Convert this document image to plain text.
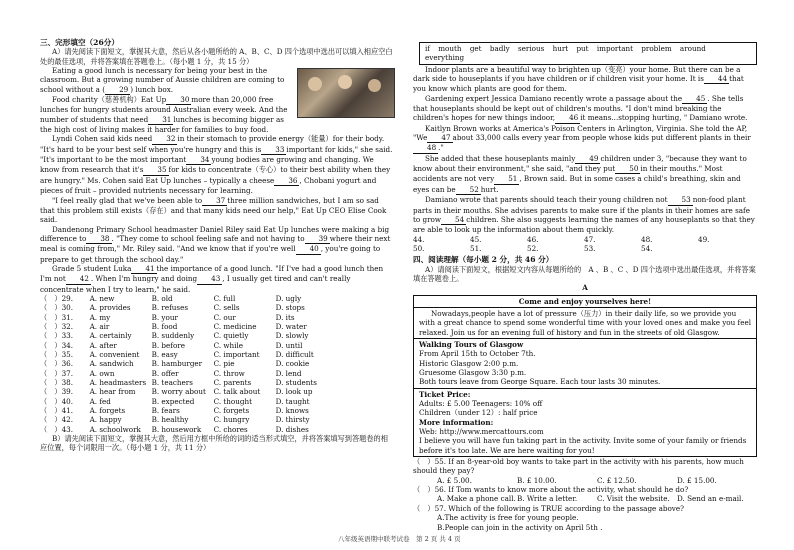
三、完形填空（26分）

A）请先阅读下面短文，掌握其大意，然后从各小题所给的 A、B、C、D 四个选项中选出可以填入相应空白处的最佳选项，并将答案填在答题卷上。（每小题 1 分，共 15 分）

Eating a good lunch is necessary for being your best in the classroom. But a growing number of Aussie children are coming to school without a ( 29 ) lunch box.

Food charity（慈善机构）Eat Up 30 more than 20,000 free lunches for hungry students around Australian every week. And the number of students that need 31 lunches is becoming bigger as the high cost of living makes it harder for families to buy food.

Lyndi Cohen said kids need 32 in their stomach to provide energy（能量）for their body. "It's hard to be your best self when you're hungry and this is 33 important for kids," she said. "It's important to be the most important 34 young bodies are growing and changing. We know from research that it's 35 for kids to concentrate（专心）to their best ability when they are hungry." Ms. Cohen said Eat Up lunches – typically a cheese 36 , Chobani yogurt and pieces of fruit – provided nutrients necessary for learning.

"I feel really glad that we've been able to 37 three million sandwiches, but I am so sad that this problem still exists（存在）and that many kids need our help," Eat Up CEO Elise Cook said.

Dandenong Primary School headmaster Daniel Riley said Eat Up lunches were making a big difference to 38 . "They come to school feeling safe and not having to 39 where their next meal is coming from," Mr. Riley said. "And we know that if you're well 40 , you're going to prepare to get through the school day."

Grade 5 student Luka 41 the importance of a good lunch. "If I've had a good lunch then I'm not 42 . When I'm hungry and doing 43 , I usually get tired and can't really concentrate when I try to learn," he said.

（　）	29.	A. new	B. old	C. full	D. ugly
（　）	30.	A. provides	B. refuses	C. sells	D. stops
（　）	31.	A. my	B. your	C. our	D. its
（　）	32.	A. air	B. food	C. medicine	D. water
（　）	33.	A. certainly	B. suddenly	C. quietly	D. slowly
（　）	34.	A. after	B. before	C. while	D. until
（　）	35.	A. convenient	B. easy	C. important	D. difficult
（　）	36.	A. sandwich	B. hamburger	C. pie	D. cookie
（　）	37.	A. own	B. offer	C. throw	D. lend
（　）	38.	A. headmasters	B. teachers	C. parents	D. students
（　）	39.	A. hear from	B. worry about	C. talk about	D. look up
（　）	40.	A. fed	B. expected	C. thought	D. taught
（　）	41.	A. forgets	B. fears	C. forgets	D. knows
（　）	42.	A. happy	B. healthy	C. hungry	D. thirsty
（　）	43.	A. schoolwork	B. housework	C. chores	D. dishes

B）请先阅读下面短文，掌握其大意，然后用方框中所给的词的适当形式填空，并将答案填写到答题卷的相应位置，每个词限用一次。（每小题 1 分，共 11 分）

if mouth get badly serious hurt put important problem around everything

Indoor plants are a beautiful way to brighten up（变亮）your home. But there can be a dark side to houseplants if you have children or if children visit your home. It is 44 that you know which plants are good for them.

Gardening expert Jessica Damiano recently wrote a passage about the 45 . She tells that houseplants should be kept out of children's mouths. "I don't mind breaking the children's hopes for new things indoor, 46 it means...stopping hurting, " Damiano wrote.

Kaitlyn Brown works at America's Poison Centers in Arlington, Virginia. She told the AP, "We 47 about 33,000 calls every year from people whose kids put different plants in their48 ."

She added that these houseplants mainly 49 children under 3, "because they want to know about their environment," she said, "and they put 50 in their mouths." Most accidents are not very 51 , Brown said. But in some cases a child's breathing, skin and eyes can be 52 hurt.

Damiano wrote that parents should teach their young children not 53 non-food plant parts in their mouths. She advises parents to make sure if the plants in their homes are safe to grow 54 children. She also suggests learning the names of any houseplants so that they are able to look up the information about them quickly.

44.	45.	46.	47.	48.	49.
50.	51.	52.	53.	54.

四、阅读理解（每小题 2 分，共 46 分）

A）请阅读下面短文，根据短文内容从每题所给的　A 、B 、C 、D 四个选项中选出最佳选项，并将答案填在答题卷上。

A

Come and enjoy yourselves here!
Nowadays,people have a lot of pressure（压力）in their daily life, so we provide you with a great chance to spend some wonderful time with your loved ones and make you feel relaxed. Join us for an evening full of history and fun in the streets of old Glasgow.
Walking Tours of Glasgow
From April 15th to October 7th.
Historic Glasgow 2:00 p.m.
Gruesome Glasgow 3:30 p.m.
Both tours leave from George Square. Each tour lasts 30 minutes.
Ticket Price:
Adults: £ 5.00 Teenagers: 10% off
Children（under 12）: half price
More information:
Web: http://www.mercattours.com
I believe you will have fun taking part in the activity. Invite some of your family or friends before it's too late. We are here waiting for you!

（　）55. If an 8-year-old boy wants to take part in the activity with his parents, how much should they pay?

A. £ 5.00.	B. £ 10.00.	C. £ 12.50.	D. £ 15.00.

（　）56. If Tom wants to know more about the activity, what should he do?

A. Make a phone call. B. Write a letter.	C. Visit the website. D. Send an e-mail.

（　）57. Which of the following is TRUE according to the passage above?

A.The activity is free for young people.

B.People can join in the activity on April 5th .

八年级英语期中联考试卷　第 2 页 共 4 页
